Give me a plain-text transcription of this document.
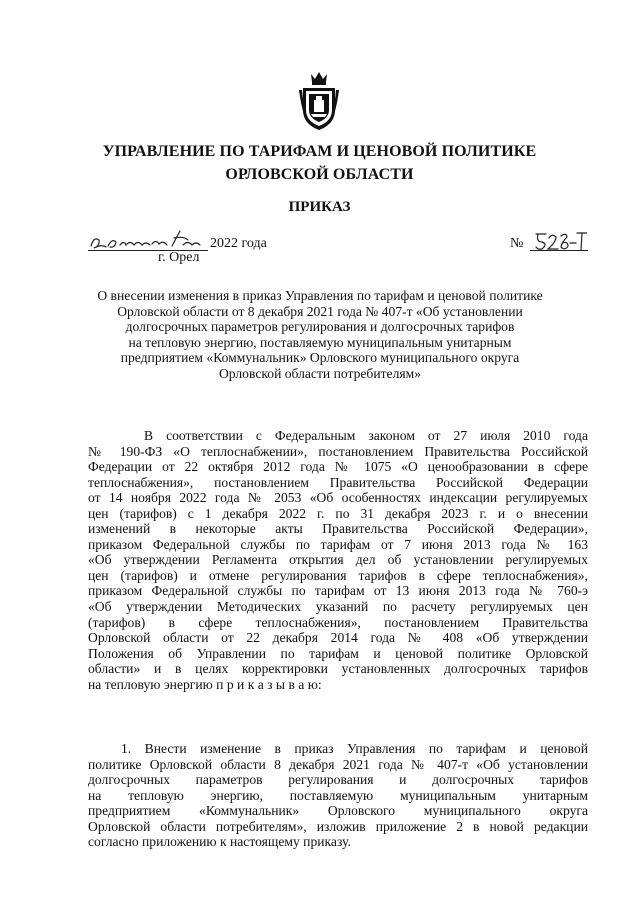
УПРАВЛЕНИЕ ПО ТАРИФАМ И ЦЕНОВОЙ ПОЛИТИКЕ
ОРЛОВСКОЙ ОБЛАСТИ
ПРИКАЗ
2022 года
г. Орел
№
О внесении изменения в приказ Управления по тарифам и ценовой политике
Орловской области от 8 декабря 2021 года № 407-т «Об установлении
долгосрочных параметров регулирования и долгосрочных тарифов
на тепловую энергию, поставляемую муниципальным унитарным
предприятием «Коммунальник» Орловского муниципального округа
Орловской области потребителям»
В соответствии с Федеральным законом от 27 июля 2010 года
№ 190-ФЗ «О теплоснабжении», постановлением Правительства Российской
Федерации от 22 октября 2012 года № 1075 «О ценообразовании в сфере
теплоснабжения», постановлением Правительства Российской Федерации
от 14 ноября 2022 года № 2053 «Об особенностях индексации регулируемых
цен (тарифов) с 1 декабря 2022 г. по 31 декабря 2023 г. и о внесении
изменений в некоторые акты Правительства Российской Федерации»,
приказом Федеральной службы по тарифам от 7 июня 2013 года № 163
«Об утверждении Регламента открытия дел об установлении регулируемых
цен (тарифов) и отмене регулирования тарифов в сфере теплоснабжения»,
приказом Федеральной службы по тарифам от 13 июня 2013 года № 760-э
«Об утверждении Методических указаний по расчету регулируемых цен
(тарифов) в сфере теплоснабжения», постановлением Правительства
Орловской области от 22 декабря 2014 года № 408 «Об утверждении
Положения об Управлении по тарифам и ценовой политике Орловской
области» и в целях корректировки установленных долгосрочных тарифов
на тепловую энергию п р и к а з ы в а ю:
1. Внести изменение в приказ Управления по тарифам и ценовой
политике Орловской области 8 декабря 2021 года № 407-т «Об установлении
долгосрочных параметров регулирования и долгосрочных тарифов
на тепловую энергию, поставляемую муниципальным унитарным
предприятием «Коммунальник» Орловского муниципального округа
Орловской области потребителям», изложив приложение 2 в новой редакции
согласно приложению к настоящему приказу.
